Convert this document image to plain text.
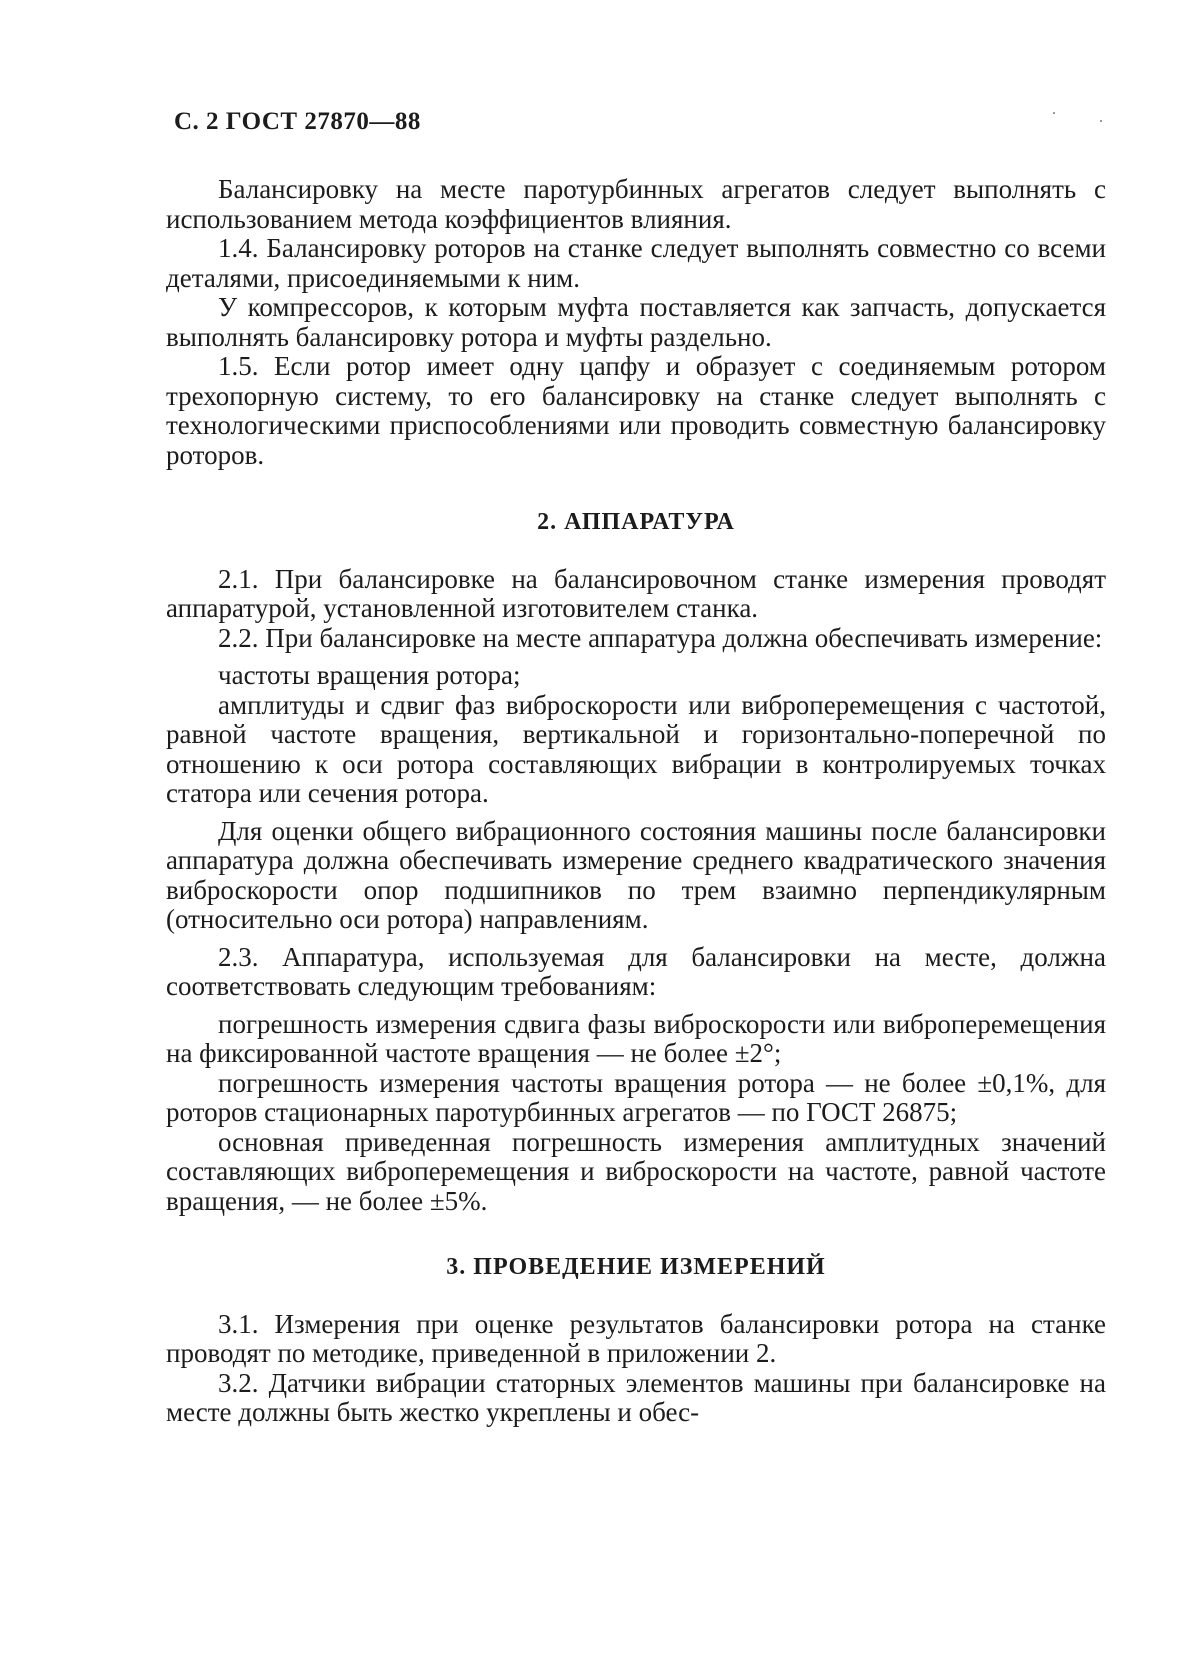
С. 2 ГОСТ 27870—88

Балансировку на месте паротурбинных агрегатов следует выполнять с использованием метода коэффициентов влияния.

1.4. Балансировку роторов на станке следует выполнять совместно со всеми деталями, присоединяемыми к ним.

У компрессоров, к которым муфта поставляется как запчасть, допускается выполнять балансировку ротора и муфты раздельно.

1.5. Если ротор имеет одну цапфу и образует с соединяемым ротором трехопорную систему, то его балансировку на станке следует выполнять с технологическими приспособлениями или проводить совместную балансировку роторов.

2. АППАРАТУРА

2.1. При балансировке на балансировочном станке измерения проводят аппаратурой, установленной изготовителем станка.

2.2. При балансировке на месте аппаратура должна обеспечивать измерение:

частоты вращения ротора;

амплитуды и сдвиг фаз виброскорости или виброперемещения с частотой, равной частоте вращения, вертикальной и горизонтально-поперечной по отношению к оси ротора составляющих вибрации в контролируемых точках статора или сечения ротора.

Для оценки общего вибрационного состояния машины после балансировки аппаратура должна обеспечивать измерение среднего квадратического значения виброскорости опор подшипников по трем взаимно перпендикулярным (относительно оси ротора) направлениям.

2.3. Аппаратура, используемая для балансировки на месте, должна соответствовать следующим требованиям:

погрешность измерения сдвига фазы виброскорости или виброперемещения на фиксированной частоте вращения — не более ±2°;

погрешность измерения частоты вращения ротора — не более ±0,1%, для роторов стационарных паротурбинных агрегатов — по ГОСТ 26875;

основная приведенная погрешность измерения амплитудных значений составляющих виброперемещения и виброскорости на частоте, равной частоте вращения, — не более ±5%.

3. ПРОВЕДЕНИЕ ИЗМЕРЕНИЙ

3.1. Измерения при оценке результатов балансировки ротора на станке проводят по методике, приведенной в приложении 2.

3.2. Датчики вибрации статорных элементов машины при балансировке на месте должны быть жестко укреплены и обес-
